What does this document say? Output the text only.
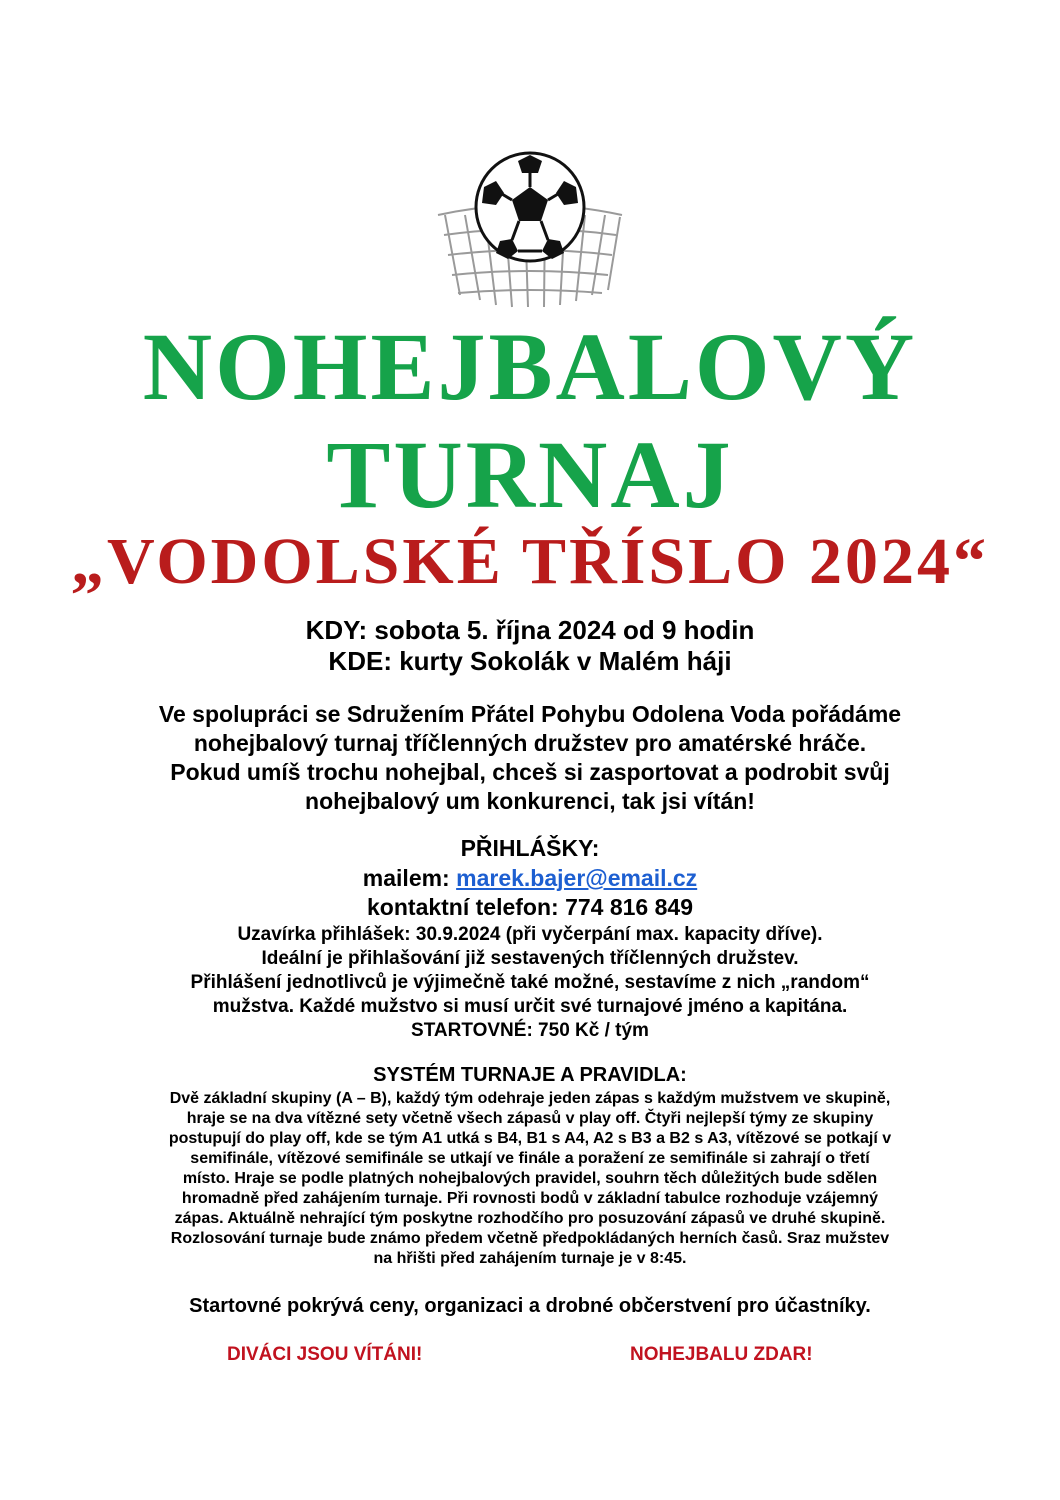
NOHEJBALOVÝ
TURNAJ
„VODOLSKÉ TŘÍSLO 2024“
KDY: sobota 5. října 2024 od 9 hodin
KDE: kurty Sokolák v Malém háji
Ve spolupráci se Sdružením Přátel Pohybu Odolena Voda pořádáme
nohejbalový turnaj tříčlenných družstev pro amatérské hráče.
Pokud umíš trochu nohejbal, chceš si zasportovat a podrobit svůj
nohejbalový um konkurenci, tak jsi vítán!
PŘIHLÁŠKY:
mailem: marek.bajer@email.cz
kontaktní telefon: 774 816 849
Uzavírka přihlášek: 30.9.2024 (při vyčerpání max. kapacity dříve).
Ideální je přihlašování již sestavených tříčlenných družstev.
Přihlášení jednotlivců je výjimečně také možné, sestavíme z nich „random“
mužstva. Každé mužstvo si musí určit své turnajové jméno a kapitána.
STARTOVNÉ: 750 Kč / tým
SYSTÉM TURNAJE A PRAVIDLA:
Dvě základní skupiny (A – B), každý tým odehraje jeden zápas s každým mužstvem ve skupině,
hraje se na dva vítězné sety včetně všech zápasů v play off. Čtyři nejlepší týmy ze skupiny
postupují do play off, kde se tým A1 utká s B4, B1 s A4, A2 s B3 a B2 s A3, vítězové se potkají v
semifinále, vítězové semifinále se utkají ve finále a poražení ze semifinále si zahrají o třetí
místo. Hraje se podle platných nohejbalových pravidel, souhrn těch důležitých bude sdělen
hromadně před zahájením turnaje. Při rovnosti bodů v základní tabulce rozhoduje vzájemný
zápas. Aktuálně nehrající tým poskytne rozhodčího pro posuzování zápasů ve druhé skupině.
Rozlosování turnaje bude známo předem včetně předpokládaných herních časů. Sraz mužstev
na hřišti před zahájením turnaje je v 8:45.
Startovné pokrývá ceny, organizaci a drobné občerstvení pro účastníky.
DIVÁCI JSOU VÍTÁNI!	NOHEJBALU ZDAR!
